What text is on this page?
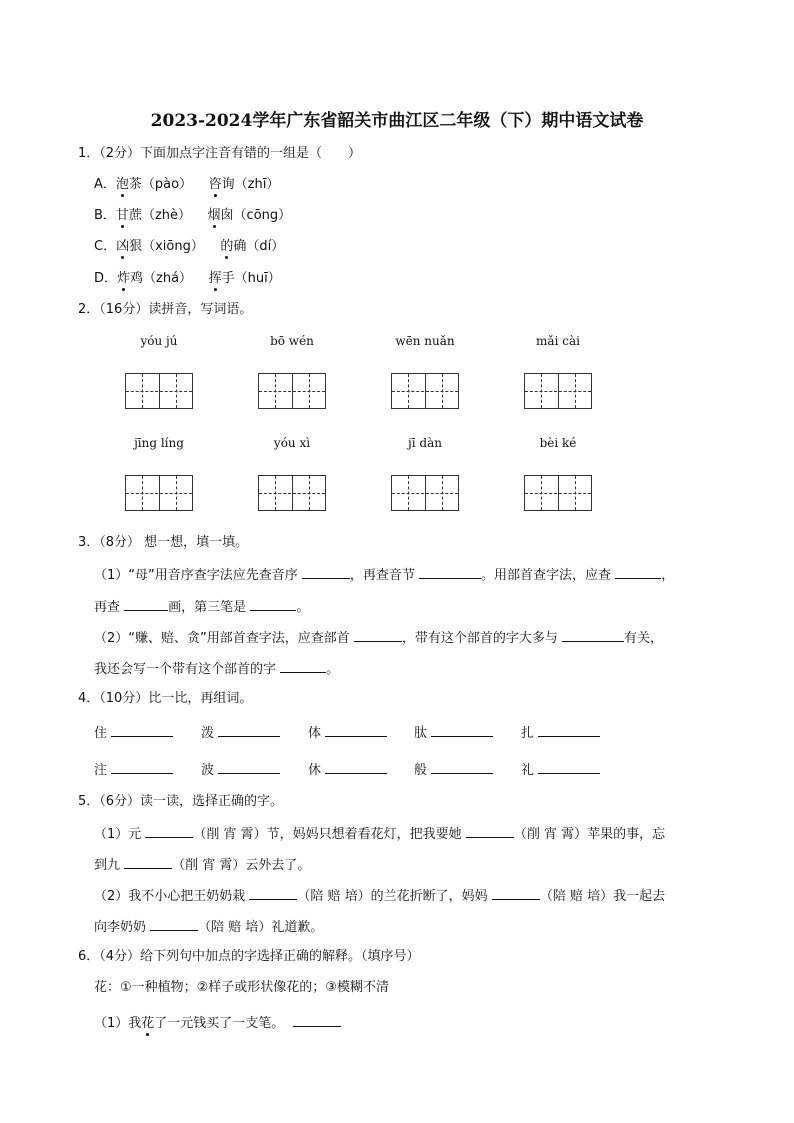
2023-2024学年广东省韶关市曲江区二年级（下）期中语文试卷
1．（2分）下面加点字注音有错的一组是（　　）
A．泡茶（pào） 咨询（zhī）
B．甘蔗（zhè） 烟囱（cōng）
C．凶狠（xiōng） 的确（dí）
D．炸鸡（zhá） 挥手（huī）
2．（16分）读拼音，写词语。
yóu jú	bō wén	wēn nuǎn	mǎi cài
jīng líng	yóu xì	jī dàn	bèi ké
3．（8分） 想一想，填一填。
（1）“母”用音序查字法应先查音序	，再查音节	。用部首查字法，应查	，
再查	画，第三笔是	。
（2）“赚、赔、贪”用部首查字法，应查部首	，带有这个部首的字大多与	有关，
我还会写一个带有这个部首的字	。
4．（10分）比一比，再组词。
住	泼	体	肽	扎
注	波	休	般	礼
5．（6分）读一读，选择正确的字。
（1）元	（削 宵 霄）节，妈妈只想着看花灯，把我要她	（削 宵 霄）苹果的事，忘
到九	（削 宵 霄）云外去了。
（2）我不小心把王奶奶栽	（陪 赔 培）的兰花折断了，妈妈	（陪 赔 培）我一起去
向李奶奶	（陪 赔 培）礼道歉。
6．（4分）给下列句中加点的字选择正确的解释。（填序号）
花：①一种植物；②样子或形状像花的；③模糊不清
（1）我花了一元钱买了一支笔。
